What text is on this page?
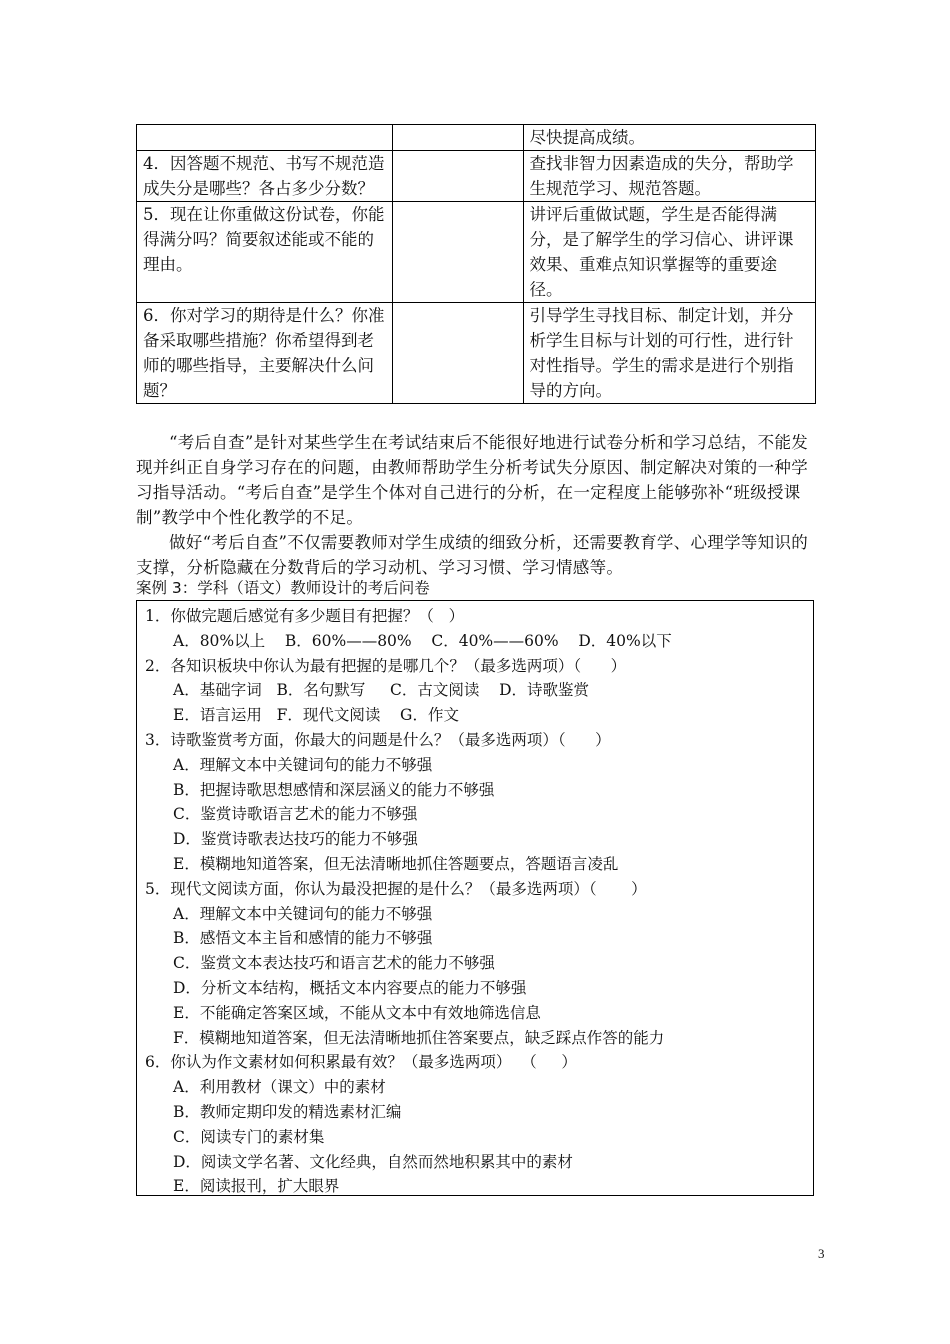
		尽快提高成绩。
4．因答题不规范、书写不规范造成失分是哪些？各占多少分数？		查找非智力因素造成的失分，帮助学生规范学习、规范答题。
5．现在让你重做这份试卷，你能得满分吗？简要叙述能或不能的理由。		讲评后重做试题，学生是否能得满分，是了解学生的学习信心、讲评课效果、重难点知识掌握等的重要途径。
6．你对学习的期待是什么？你准备采取哪些措施？你希望得到老师的哪些指导，主要解决什么问题？		引导学生寻找目标、制定计划，并分析学生目标与计划的可行性，进行针对性指导。学生的需求是进行个别指导的方向。
“考后自查”是针对某些学生在考试结束后不能很好地进行试卷分析和学习总结，不能发现并纠正自身学习存在的问题，由教师帮助学生分析考试失分原因、制定解决对策的一种学习指导活动。“考后自查”是学生个体对自己进行的分析，在一定程度上能够弥补“班级授课制”教学中个性化教学的不足。
做好“考后自查”不仅需要教师对学生成绩的细致分析，还需要教育学、心理学等知识的支撑，分析隐藏在分数背后的学习动机、学习习惯、学习情感等。
案例 3：学科（语文）教师设计的考后问卷
1．你做完题后感觉有多少题目有把握？（   ）
A．80%以上    B．60%——80%    C．40%——60%    D．40%以下
2．各知识板块中你认为最有把握的是哪几个？（最多选两项）（      ）
A．基础字词   B．名句默写     C．古文阅读    D．诗歌鉴赏
E．语言运用   F．现代文阅读    G．作文
3．诗歌鉴赏考方面，你最大的问题是什么？（最多选两项）（      ）
A．理解文本中关键词句的能力不够强
B．把握诗歌思想感情和深层涵义的能力不够强
C．鉴赏诗歌语言艺术的能力不够强
D．鉴赏诗歌表达技巧的能力不够强
E．模糊地知道答案，但无法清晰地抓住答题要点，答题语言凌乱
5．现代文阅读方面，你认为最没把握的是什么？（最多选两项）（       ）
A．理解文本中关键词句的能力不够强
B．感悟文本主旨和感情的能力不够强
C．鉴赏文本表达技巧和语言艺术的能力不够强
D．分析文本结构，概括文本内容要点的能力不够强
E．不能确定答案区域，不能从文本中有效地筛选信息
F．模糊地知道答案，但无法清晰地抓住答案要点，缺乏踩点作答的能力
6．你认为作文素材如何积累最有效？（最多选两项）  （     ）
A．利用教材（课文）中的素材
B．教师定期印发的精选素材汇编
C．阅读专门的素材集
D．阅读文学名著、文化经典，自然而然地积累其中的素材
E．阅读报刊，扩大眼界
3
